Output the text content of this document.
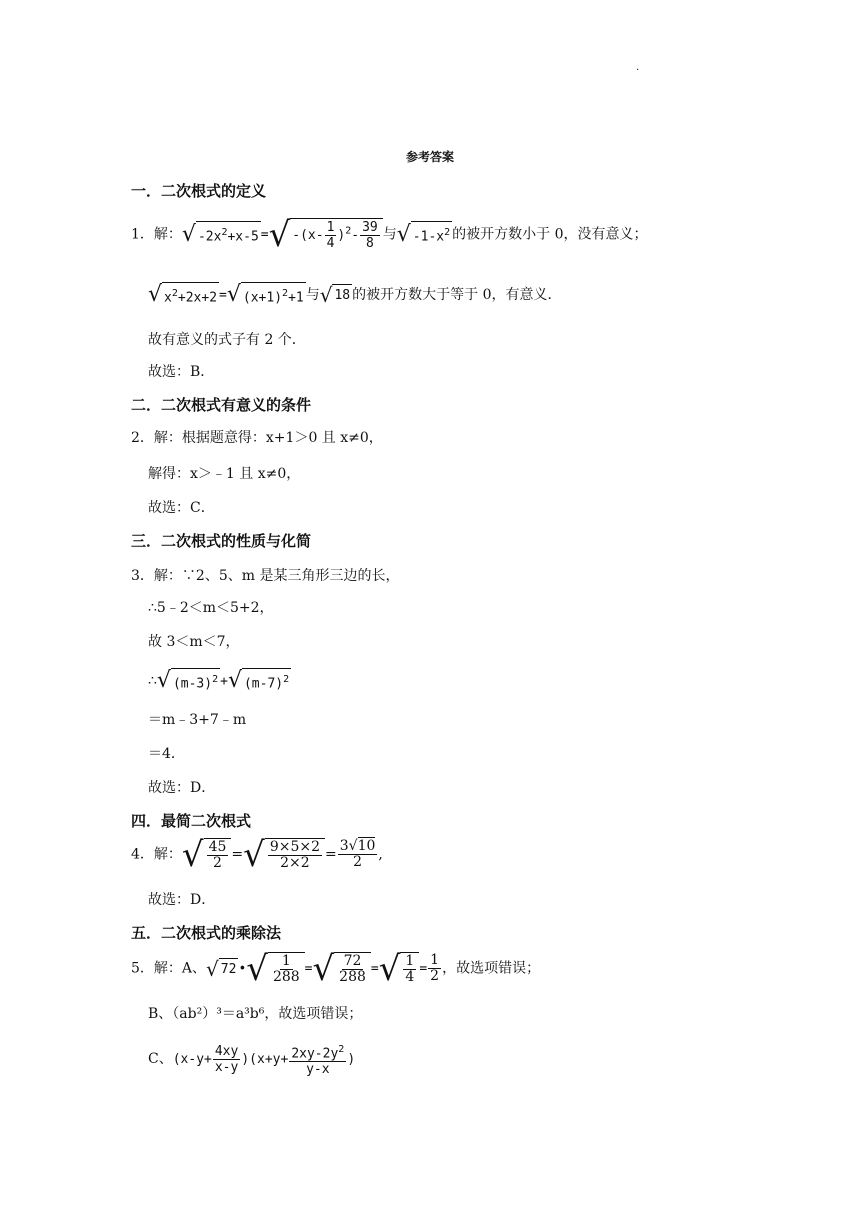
.
参考答案
一．二次根式的定义
1．解：√ $-2x^2+x-5$ =√ $-(x- \frac{1}{4} )^2- \frac{39}{8}$ 与√ $-1-x^2$ 的被开方数小于 0，没有意义；
√ $x^2+2x+2$ =√ $(x+1)^2+1$ 与√ 18 的被开方数大于等于 0，有意义．
故有意义的式子有 2 个．
故选：B．
二．二次根式有意义的条件
2．解：根据题意得：x+1＞0 且 x≠0，
解得：x＞﹣1 且 x≠0，
故选：C．
三．二次根式的性质与化简
3．解：∵2、5、m 是某三角形三边的长，
∴5﹣2＜m＜5+2，
故 3＜m＜7，
∴√ $(m-3)^2$ +√ $(m-7)^2$
＝m﹣3+7﹣m
＝4．
故选：D．
四．最简二次根式
4．解：√ $\frac{45}{2}$ =√ $\frac{9\times 5\times 2}{2\times 2} = \frac{3√10}{2}$ ,
故选：D．
五．二次根式的乘除法
5．解：A、√ 72 •√ $\frac{1}{288}$ =√ $\frac{72}{288}$ =√ $\frac{1}{4} = \frac{1}{2}$ ，故选项错误；
B、（ab²）³＝a³b⁶，故选项错误；
C、$(x-y+ \frac{4xy}{x-y} )(x+y+ \frac{2xy-2y^2}{y-x}$ )
